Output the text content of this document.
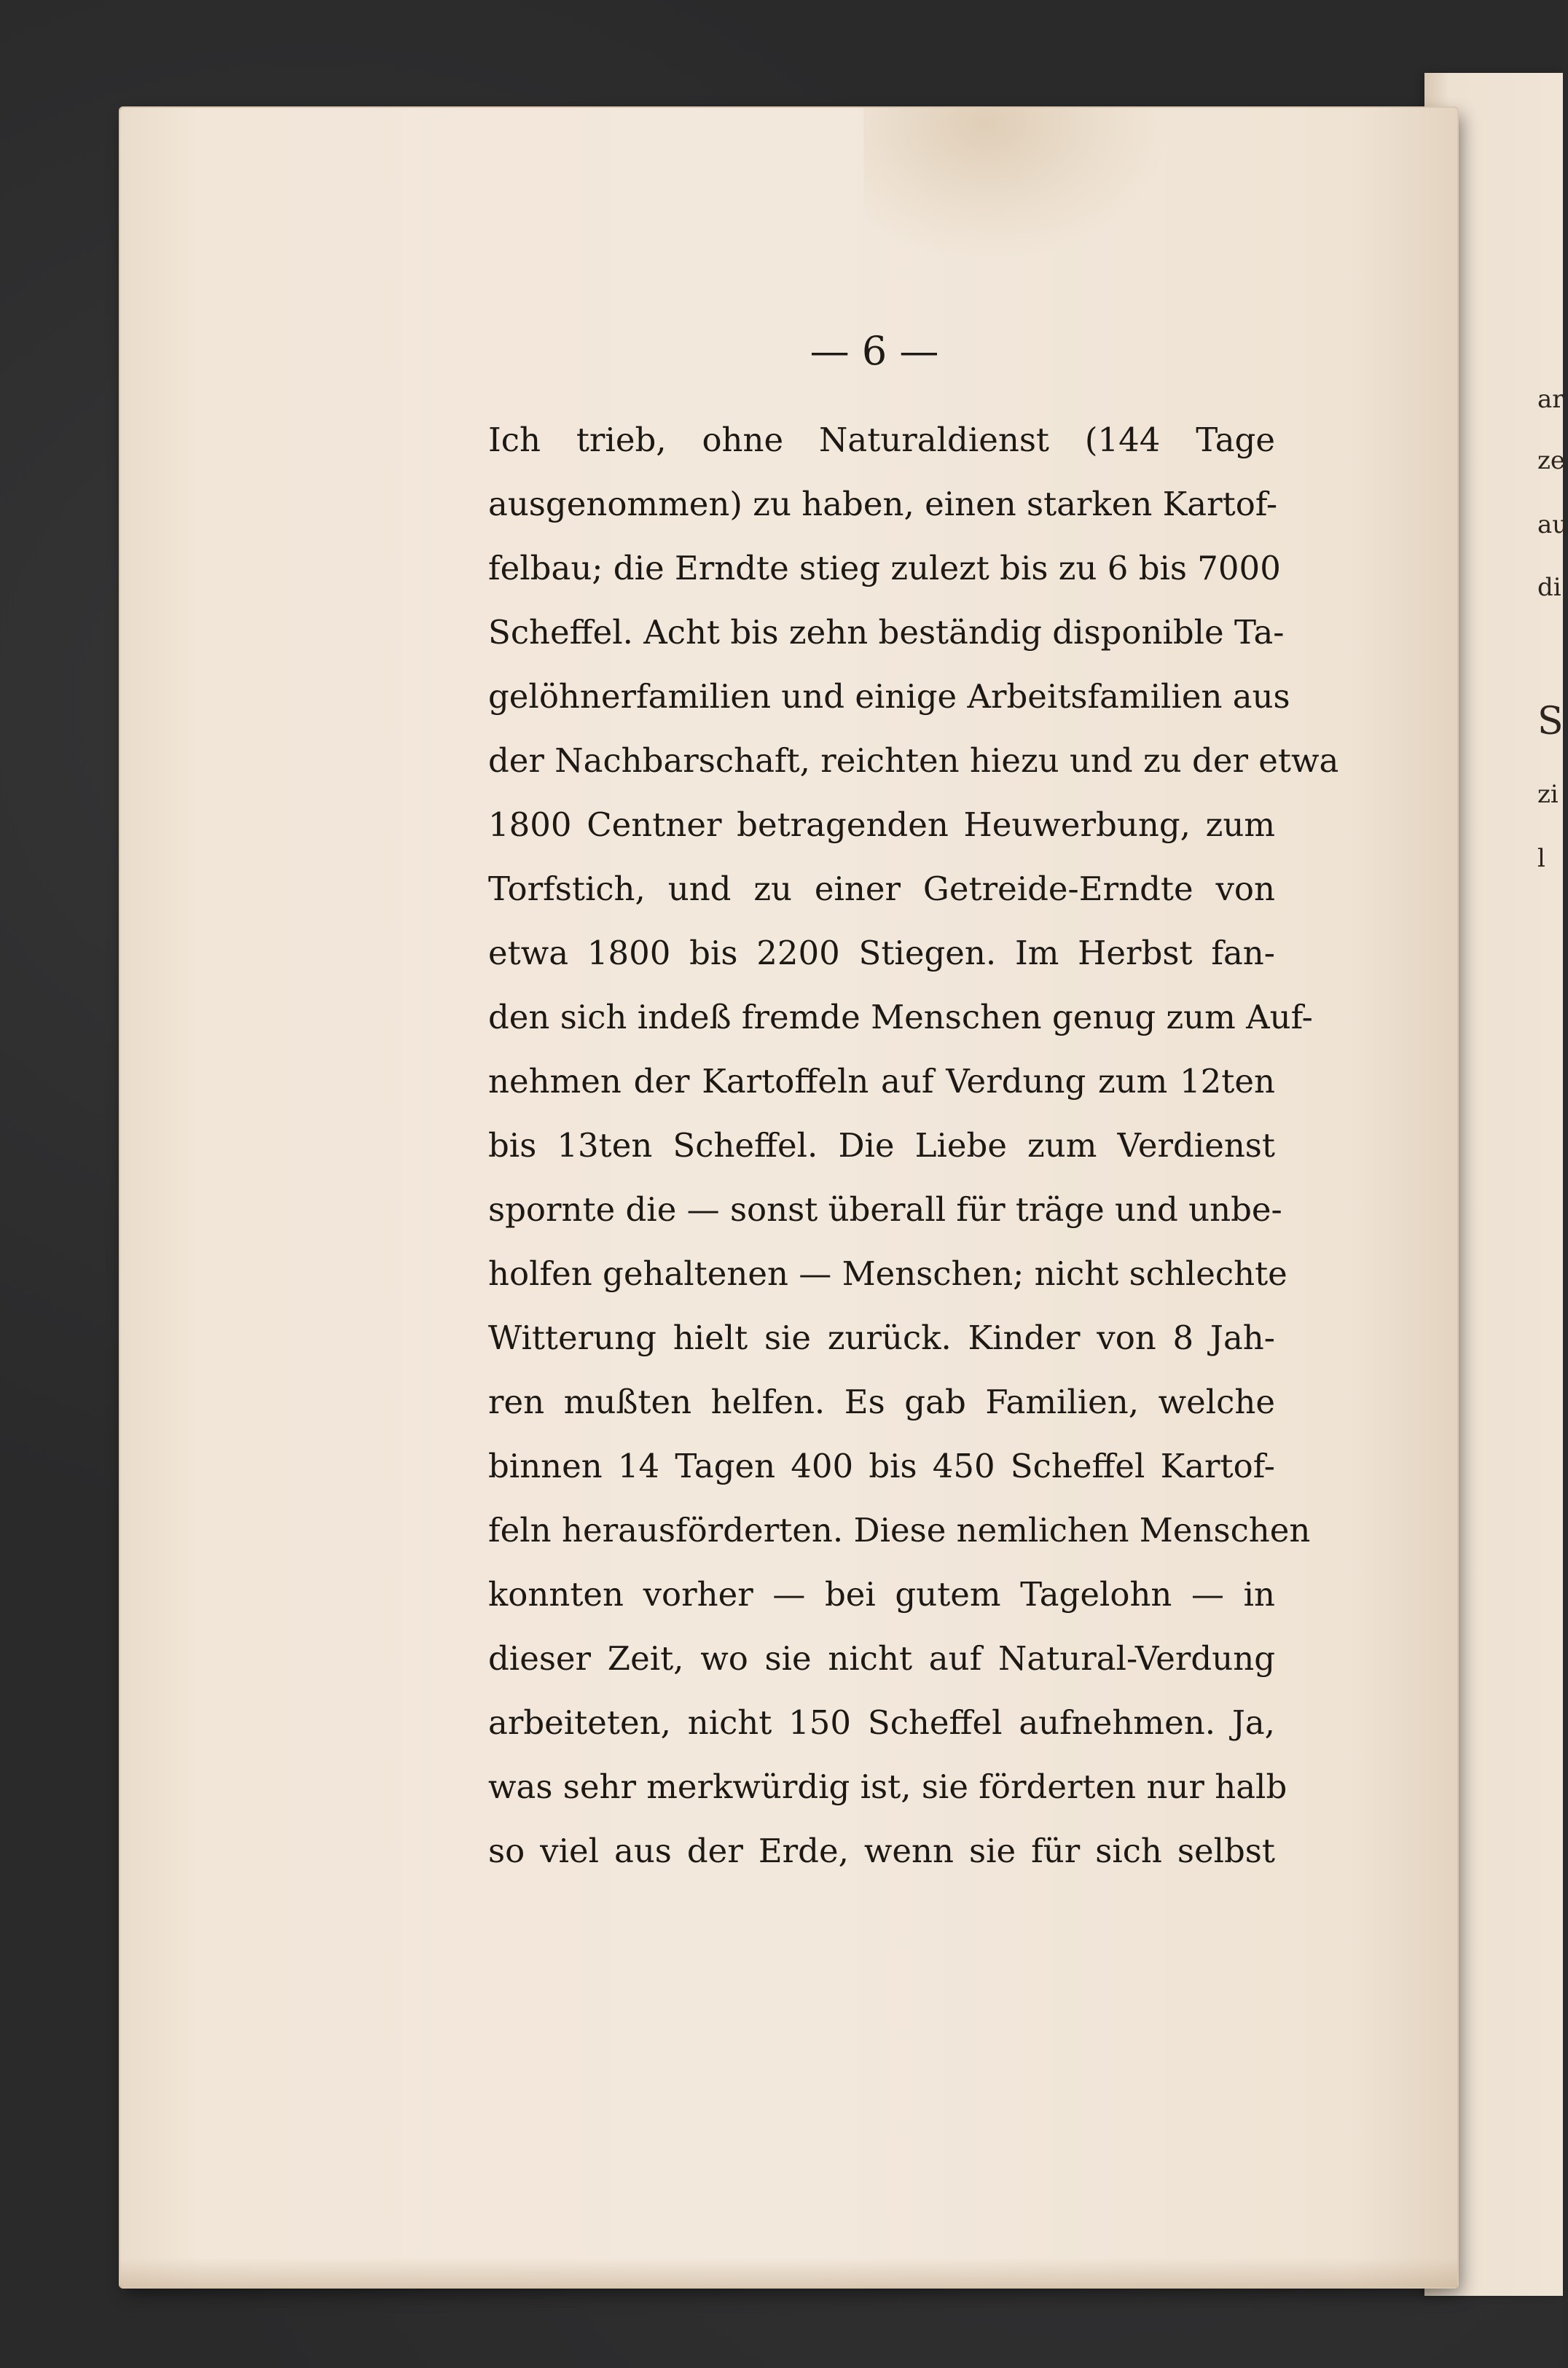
ar
ze
au
di
S
zi
l
— 6 —
Ich trieb, ohne Naturaldienst (144 Tage
ausgenommen) zu haben, einen starken Kartof-
felbau; die Erndte stieg zulezt bis zu 6 bis 7000
Scheffel. Acht bis zehn beständig disponible Ta-
gelöhnerfamilien und einige Arbeitsfamilien aus
der Nachbarschaft, reichten hiezu und zu der etwa
1800 Centner betragenden Heuwerbung, zum
Torfstich, und zu einer Getreide-Erndte von
etwa 1800 bis 2200 Stiegen. Im Herbst fan-
den sich indeß fremde Menschen genug zum Auf-
nehmen der Kartoffeln auf Verdung zum 12ten
bis 13ten Scheffel. Die Liebe zum Verdienst
spornte die — sonst überall für träge und unbe-
holfen gehaltenen — Menschen; nicht schlechte
Witterung hielt sie zurück. Kinder von 8 Jah-
ren mußten helfen. Es gab Familien, welche
binnen 14 Tagen 400 bis 450 Scheffel Kartof-
feln herausförderten. Diese nemlichen Menschen
konnten vorher — bei gutem Tagelohn — in
dieser Zeit, wo sie nicht auf Natural-Verdung
arbeiteten, nicht 150 Scheffel aufnehmen. Ja,
was sehr merkwürdig ist, sie förderten nur halb
so viel aus der Erde, wenn sie für sich selbst
